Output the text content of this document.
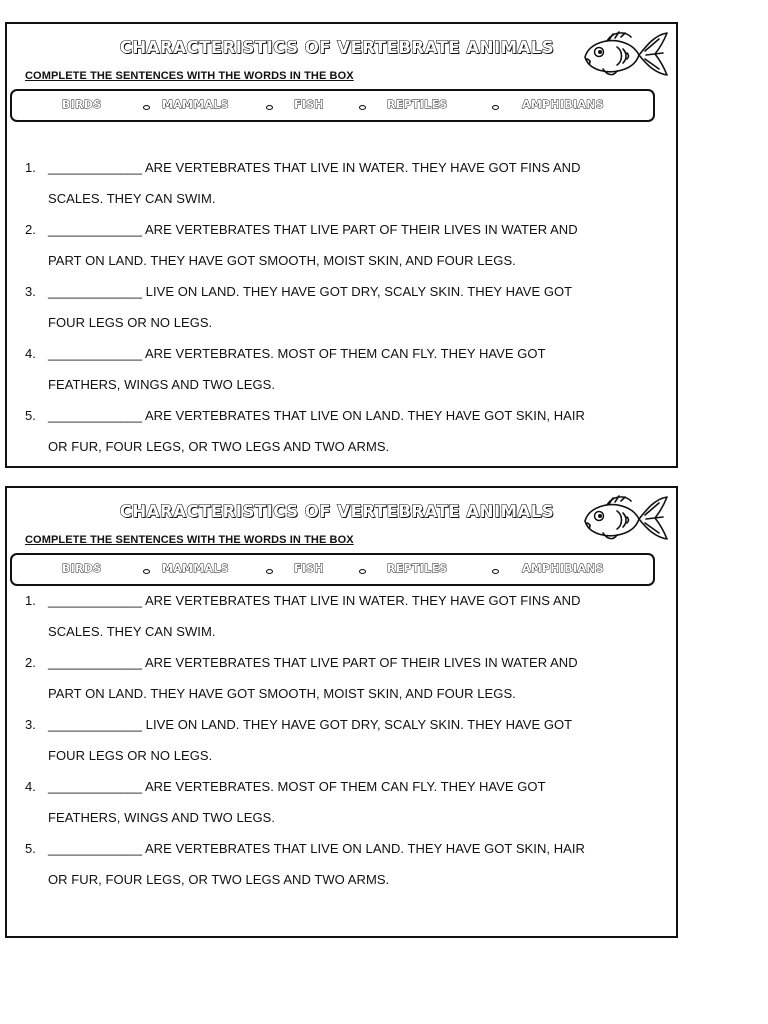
CHARACTERISTICS OF VERTEBRATE ANIMALS
COMPLETE THE SENTENCES WITH THE WORDS IN THE BOX
BIRDS	MAMMALS	FISH	REPTILES	AMPHIBIANS
1. _____________ ARE VERTEBRATES THAT LIVE IN WATER. THEY HAVE GOT FINS AND
SCALES. THEY CAN SWIM.
2. _____________ ARE VERTEBRATES THAT LIVE PART OF THEIR LIVES IN WATER AND
PART ON LAND. THEY HAVE GOT SMOOTH, MOIST SKIN, AND FOUR LEGS.
3. _____________ LIVE ON LAND. THEY HAVE GOT DRY, SCALY SKIN. THEY HAVE GOT
FOUR LEGS OR NO LEGS.
4. _____________ ARE VERTEBRATES. MOST OF THEM CAN FLY. THEY HAVE GOT
FEATHERS, WINGS AND TWO LEGS.
5. _____________ ARE VERTEBRATES THAT LIVE ON LAND. THEY HAVE GOT SKIN, HAIR
OR FUR, FOUR LEGS, OR TWO LEGS AND TWO ARMS.
CHARACTERISTICS OF VERTEBRATE ANIMALS
COMPLETE THE SENTENCES WITH THE WORDS IN THE BOX
BIRDS	MAMMALS	FISH	REPTILES	AMPHIBIANS
1. _____________ ARE VERTEBRATES THAT LIVE IN WATER. THEY HAVE GOT FINS AND
SCALES. THEY CAN SWIM.
2. _____________ ARE VERTEBRATES THAT LIVE PART OF THEIR LIVES IN WATER AND
PART ON LAND. THEY HAVE GOT SMOOTH, MOIST SKIN, AND FOUR LEGS.
3. _____________ LIVE ON LAND. THEY HAVE GOT DRY, SCALY SKIN. THEY HAVE GOT
FOUR LEGS OR NO LEGS.
4. _____________ ARE VERTEBRATES. MOST OF THEM CAN FLY. THEY HAVE GOT
FEATHERS, WINGS AND TWO LEGS.
5. _____________ ARE VERTEBRATES THAT LIVE ON LAND. THEY HAVE GOT SKIN, HAIR
OR FUR, FOUR LEGS, OR TWO LEGS AND TWO ARMS.
